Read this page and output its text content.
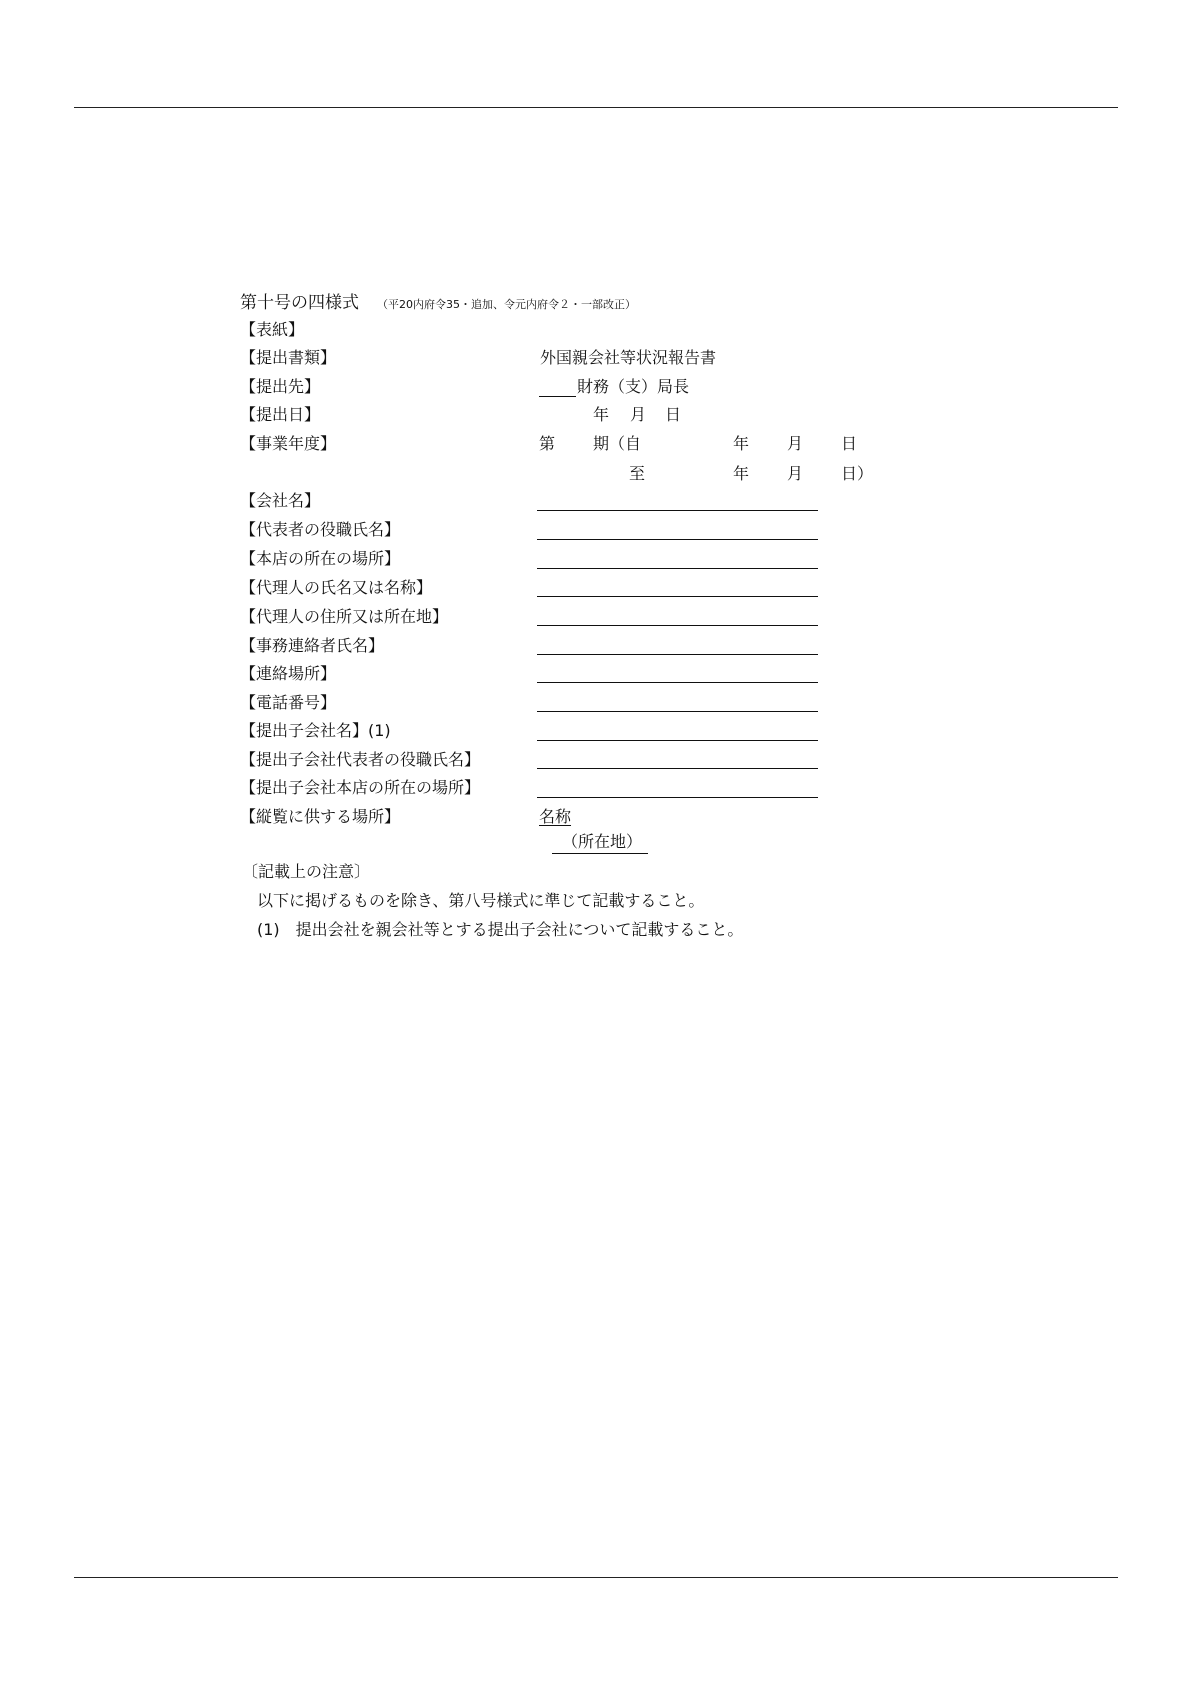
第十号の四様式 （平20内府令35・追加、令元内府令２・一部改正）
【表紙】
【提出書類】	外国親会社等状況報告書
【提出先】	財務（支）局長
【提出日】	年 月 日
【事業年度】	第 期（自	年 月 日
至	年 月 日）
【会社名】
【代表者の役職氏名】
【本店の所在の場所】
【代理人の氏名又は名称】
【代理人の住所又は所在地】
【事務連絡者氏名】
【連絡場所】
【電話番号】
【提出子会社名】(1)
【提出子会社代表者の役職氏名】
【提出子会社本店の所在の場所】
【縦覧に供する場所】	名称
（所在地）
〔記載上の注意〕
以下に掲げるものを除き、第八号様式に準じて記載すること。
(1)　提出会社を親会社等とする提出子会社について記載すること。
